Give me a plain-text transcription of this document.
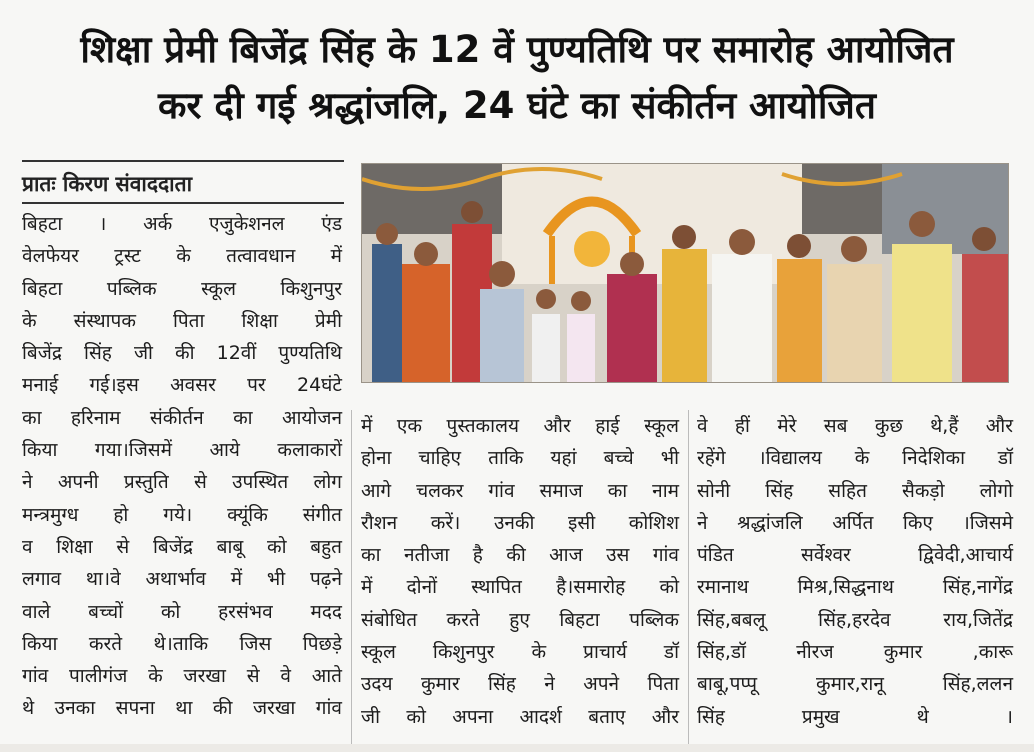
शिक्षा प्रेमी बिजेंद्र सिंह के 12 वें पुण्यतिथि पर समारोह आयोजित
कर दी गई श्रद्धांजलि, 24 घंटे का संकीर्तन आयोजित
प्रातः किरण संवाददाता
बिहटा । अर्क एजुकेशनल एंड
वेलफेयर ट्रस्ट के तत्वावधान में
बिहटा पब्लिक स्कूल किशुनपुर
के संस्थापक पिता शिक्षा प्रेमी
बिजेंद्र सिंह जी की 12वीं पुण्यतिथि
मनाई गई।इस अवसर पर 24घंटे
का हरिनाम संकीर्तन का आयोजन
किया गया।जिसमें आये कलाकारों
ने अपनी प्रस्तुति से उपस्थित लोग
मन्त्रमुग्ध हो गये। क्यूंकि संगीत
व शिक्षा से बिजेंद्र बाबू को बहुत
लगाव था।वे अथार्भाव में भी पढ़ने
वाले बच्चों को हरसंभव मदद
किया करते थे।ताकि जिस पिछड़े
गांव पालीगंज के जरखा से वे आते
थे उनका सपना था की जरखा गांव
में एक पुस्तकालय और हाई स्कूल
होना चाहिए ताकि यहां बच्चे भी
आगे चलकर गांव समाज का नाम
रौशन करें। उनकी इसी कोशिश
का नतीजा है की आज उस गांव
में दोनों स्थापित है।समारोह को
संबोधित करते हुए बिहटा पब्लिक
स्कूल किशुनपुर के प्राचार्य डॉ
उदय कुमार सिंह ने अपने पिता
जी को अपना आदर्श बताए और
वे हीं मेरे सब कुछ थे,हैं और
रहेंगे ।विद्यालय के निदेशिका डॉ
सोनी सिंह सहित सैकड़ो लोगो
ने श्रद्धांजलि अर्पित किए ।जिसमे
पंडित सर्वेश्वर द्विवेदी,आचार्य
रमानाथ मिश्र,सिद्धनाथ सिंह,नागेंद्र
सिंह,बबलू सिंह,हरदेव राय,जितेंद्र
सिंह,डॉ नीरज कुमार ,कारू
बाबू,पप्पू कुमार,रानू सिंह,ललन
सिंह प्रमुख थे ।
